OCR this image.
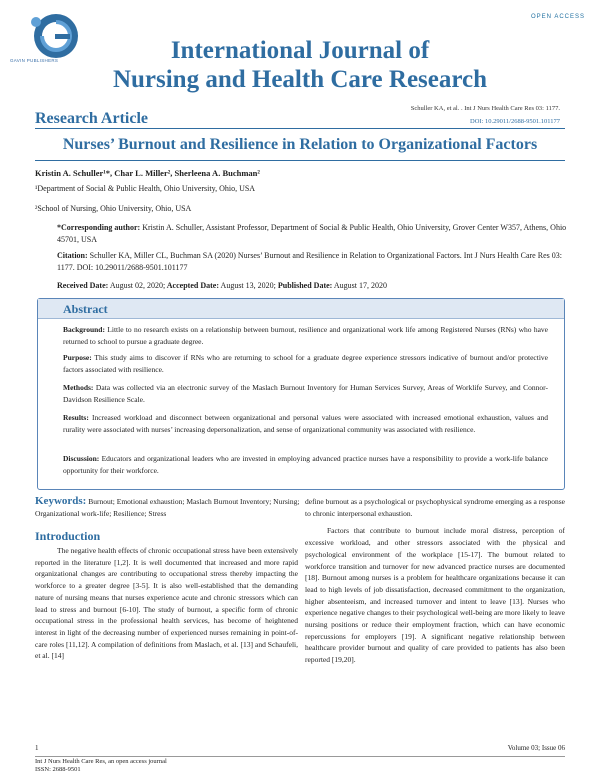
GAVIN PUBLISHERS
OPEN ACCESS
International Journal of
Nursing and Health Care Research
Research Article
Schuller KA, et al. . Int J Nurs Health Care Res 03: 1177.
DOI: 10.29011/2688-9501.101177
Nurses’ Burnout and Resilience in Relation to Organizational Factors
Kristin A. Schuller¹*, Char L. Miller², Sherleena A. Buchman²
¹Department of Social & Public Health, Ohio University, Ohio, USA
²School of Nursing, Ohio University, Ohio, USA
*Corresponding author: Kristin A. Schuller, Assistant Professor, Department of Social & Public Health, Ohio University, Grover Center W357, Athens, Ohio 45701, USA
Citation: Schuller KA, Miller CL, Buchman SA (2020) Nurses’ Burnout and Resilience in Relation to Organizational Factors. Int J Nurs Health Care Res 03: 1177. DOI: 10.29011/2688-9501.101177
Received Date: August 02, 2020; Accepted Date: August 13, 2020; Published Date: August 17, 2020
Abstract
Background: Little to no research exists on a relationship between burnout, resilience and organizational work life among Registered Nurses (RNs) who have returned to school to pursue a graduate degree.
Purpose: This study aims to discover if RNs who are returning to school for a graduate degree experience stressors indicative of burnout and/or protective factors associated with resilience.
Methods: Data was collected via an electronic survey of the Maslach Burnout Inventory for Human Services Survey, Areas of Worklife Survey, and Connor-Davidson Resilience Scale.
Results: Increased workload and disconnect between organizational and personal values were associated with increased emotional exhaustion, values and rurality were associated with nurses’ increasing depersonalization, and sense of organizational community was associated with resilience.
Discussion: Educators and organizational leaders who are invested in employing advanced practice nurses have a responsibility to provide a work-life balance opportunity for their workforce.
Keywords: Burnout; Emotional exhaustion; Maslach Burnout Inventory; Nursing; Organizational work-life; Resilience; Stress
Introduction

The negative health effects of chronic occupational stress have been extensively reported in the literature [1,2]. It is well documented that increased and more rapid organizational changes are contributing to occupational stress thereby impacting the workforce to a greater degree [3-5]. It is also well-established that the demanding nature of nursing means that nurses experience acute and chronic stressors which can lead to stress and burnout [6-10]. The study of burnout, a specific form of chronic occupational stress in the professional health services, has become of heightened interest in light of the decreasing number of experienced nurses remaining in point-of-care roles [11,12]. A compilation of definitions from Maslach, et al. [13] and Schaufeli, et al. [14]

define burnout as a psychological or psychophysical syndrome emerging as a response to chronic interpersonal exhaustion.

Factors that contribute to burnout include moral distress, perception of excessive workload, and other stressors associated with the physical and psychological environment of the workplace [15-17]. The burnout related to workforce transition and turnover for new advanced practice nurses are documented [18]. Burnout among nurses is a problem for healthcare organizations because it can lead to high levels of job dissatisfaction, decreased commitment to the organization, higher absenteeism, and increased turnover and intent to leave [13]. Nurses who experience negative changes to their psychological well-being are more likely to leave nursing positions or reduce their employment fraction, which can have economic repercussions for employers [19]. A significant negative relationship between healthcare provider burnout and quality of care provided to patients has also been reported [19,20].

1	Volume 03; Issue 06
Int J Nurs Health Care Res, an open access journal
ISSN: 2688-9501
